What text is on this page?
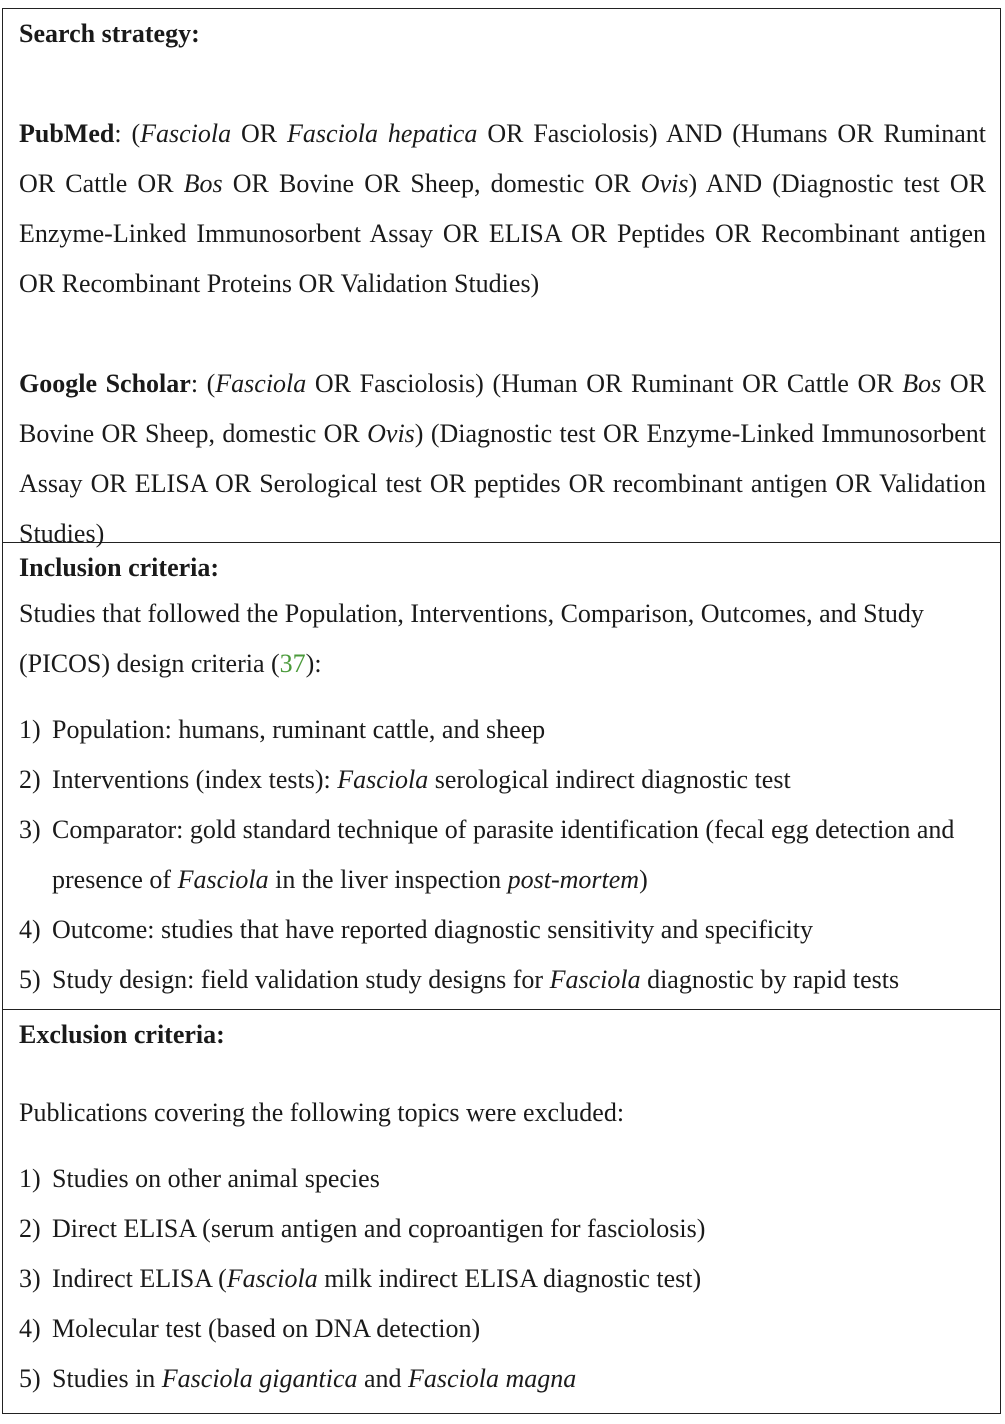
Search strategy:
PubMed: (Fasciola OR Fasciola hepatica OR Fasciolosis) AND (Humans OR Ruminant OR Cattle OR Bos OR Bovine OR Sheep, domestic OR Ovis) AND (Diagnostic test OR Enzyme-Linked Immunosorbent Assay OR ELISA OR Peptides OR Recombinant antigen OR Recombinant Proteins OR Validation Studies)
Google Scholar: (Fasciola OR Fasciolosis) (Human OR Ruminant OR Cattle OR Bos OR Bovine OR Sheep, domestic OR Ovis) (Diagnostic test OR Enzyme-Linked Immunosorbent Assay OR ELISA OR Serological test OR peptides OR recombinant antigen OR Validation Studies)
Inclusion criteria:
Studies that followed the Population, Interventions, Comparison, Outcomes, and Study (PICOS) design criteria (37):
1) Population: humans, ruminant cattle, and sheep
2) Interventions (index tests): Fasciola serological indirect diagnostic test
3) Comparator: gold standard technique of parasite identification (fecal egg detection and presence of Fasciola in the liver inspection post-mortem)
4) Outcome: studies that have reported diagnostic sensitivity and specificity
5) Study design: field validation study designs for Fasciola diagnostic by rapid tests
Exclusion criteria:
Publications covering the following topics were excluded:
1) Studies on other animal species
2) Direct ELISA (serum antigen and coproantigen for fasciolosis)
3) Indirect ELISA (Fasciola milk indirect ELISA diagnostic test)
4) Molecular test (based on DNA detection)
5) Studies in Fasciola gigantica and Fasciola magna
